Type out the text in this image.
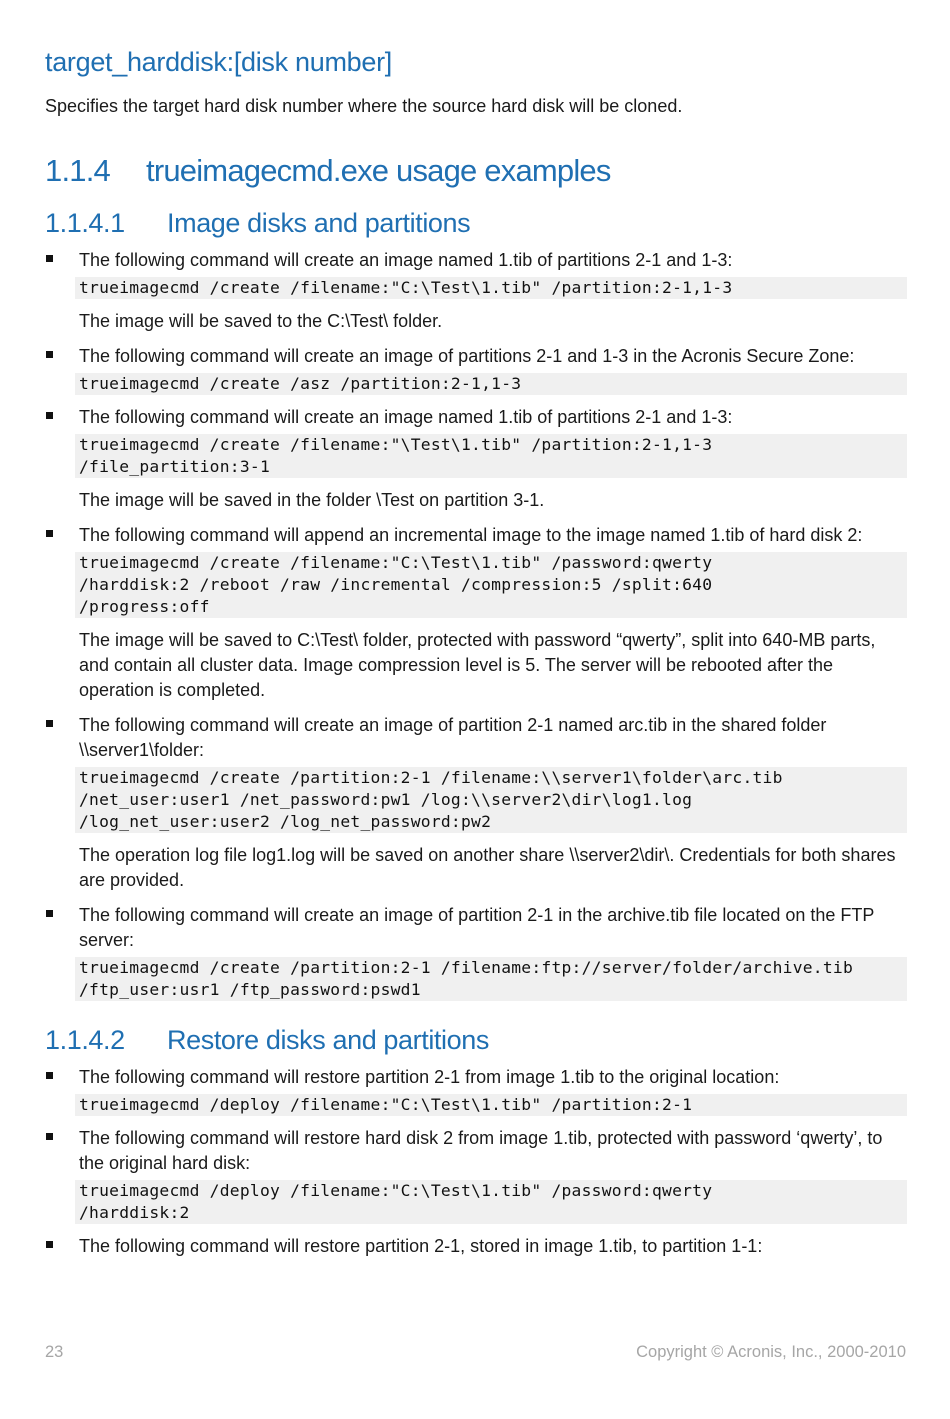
target_harddisk:[disk number]

Specifies the target hard disk number where the source hard disk will be cloned.

1.1.4	trueimagecmd.exe usage examples
1.1.4.1	Image disks and partitions
The following command will create an image named 1.tib of partitions 2-1 and 1-3:
trueimagecmd /create /filename:"C:\Test\1.tib" /partition:2-1,1-3
The image will be saved to the C:\Test\ folder.
The following command will create an image of partitions 2-1 and 1-3 in the Acronis Secure Zone:
trueimagecmd /create /asz /partition:2-1,1-3
The following command will create an image named 1.tib of partitions 2-1 and 1-3:
trueimagecmd /create /filename:"\Test\1.tib" /partition:2-1,1-3
/file_partition:3-1
The image will be saved in the folder \Test on partition 3-1.
The following command will append an incremental image to the image named 1.tib of hard disk 2:
trueimagecmd /create /filename:"C:\Test\1.tib" /password:qwerty
/harddisk:2 /reboot /raw /incremental /compression:5 /split:640
/progress:off
The image will be saved to C:\Test\ folder, protected with password “qwerty”, split into 640-MB parts, and contain all cluster data. Image compression level is 5. The server will be rebooted after the operation is completed.
The following command will create an image of partition 2-1 named arc.tib in the shared folder \\server1\folder:
trueimagecmd /create /partition:2-1 /filename:\\server1\folder\arc.tib
/net_user:user1 /net_password:pw1 /log:\\server2\dir\log1.log
/log_net_user:user2 /log_net_password:pw2
The operation log file log1.log will be saved on another share \\server2\dir\. Credentials for both shares are provided.
The following command will create an image of partition 2-1 in the archive.tib file located on the FTP server:
trueimagecmd /create /partition:2-1 /filename:ftp://server/folder/archive.tib
/ftp_user:usr1 /ftp_password:pswd1
1.1.4.2	Restore disks and partitions
The following command will restore partition 2-1 from image 1.tib to the original location:
trueimagecmd /deploy /filename:"C:\Test\1.tib" /partition:2-1
The following command will restore hard disk 2 from image 1.tib, protected with password ‘qwerty’, to the original hard disk:
trueimagecmd /deploy /filename:"C:\Test\1.tib" /password:qwerty
/harddisk:2
The following command will restore partition 2-1, stored in image 1.tib, to partition 1-1:
23	Copyright © Acronis, Inc., 2000-2010
